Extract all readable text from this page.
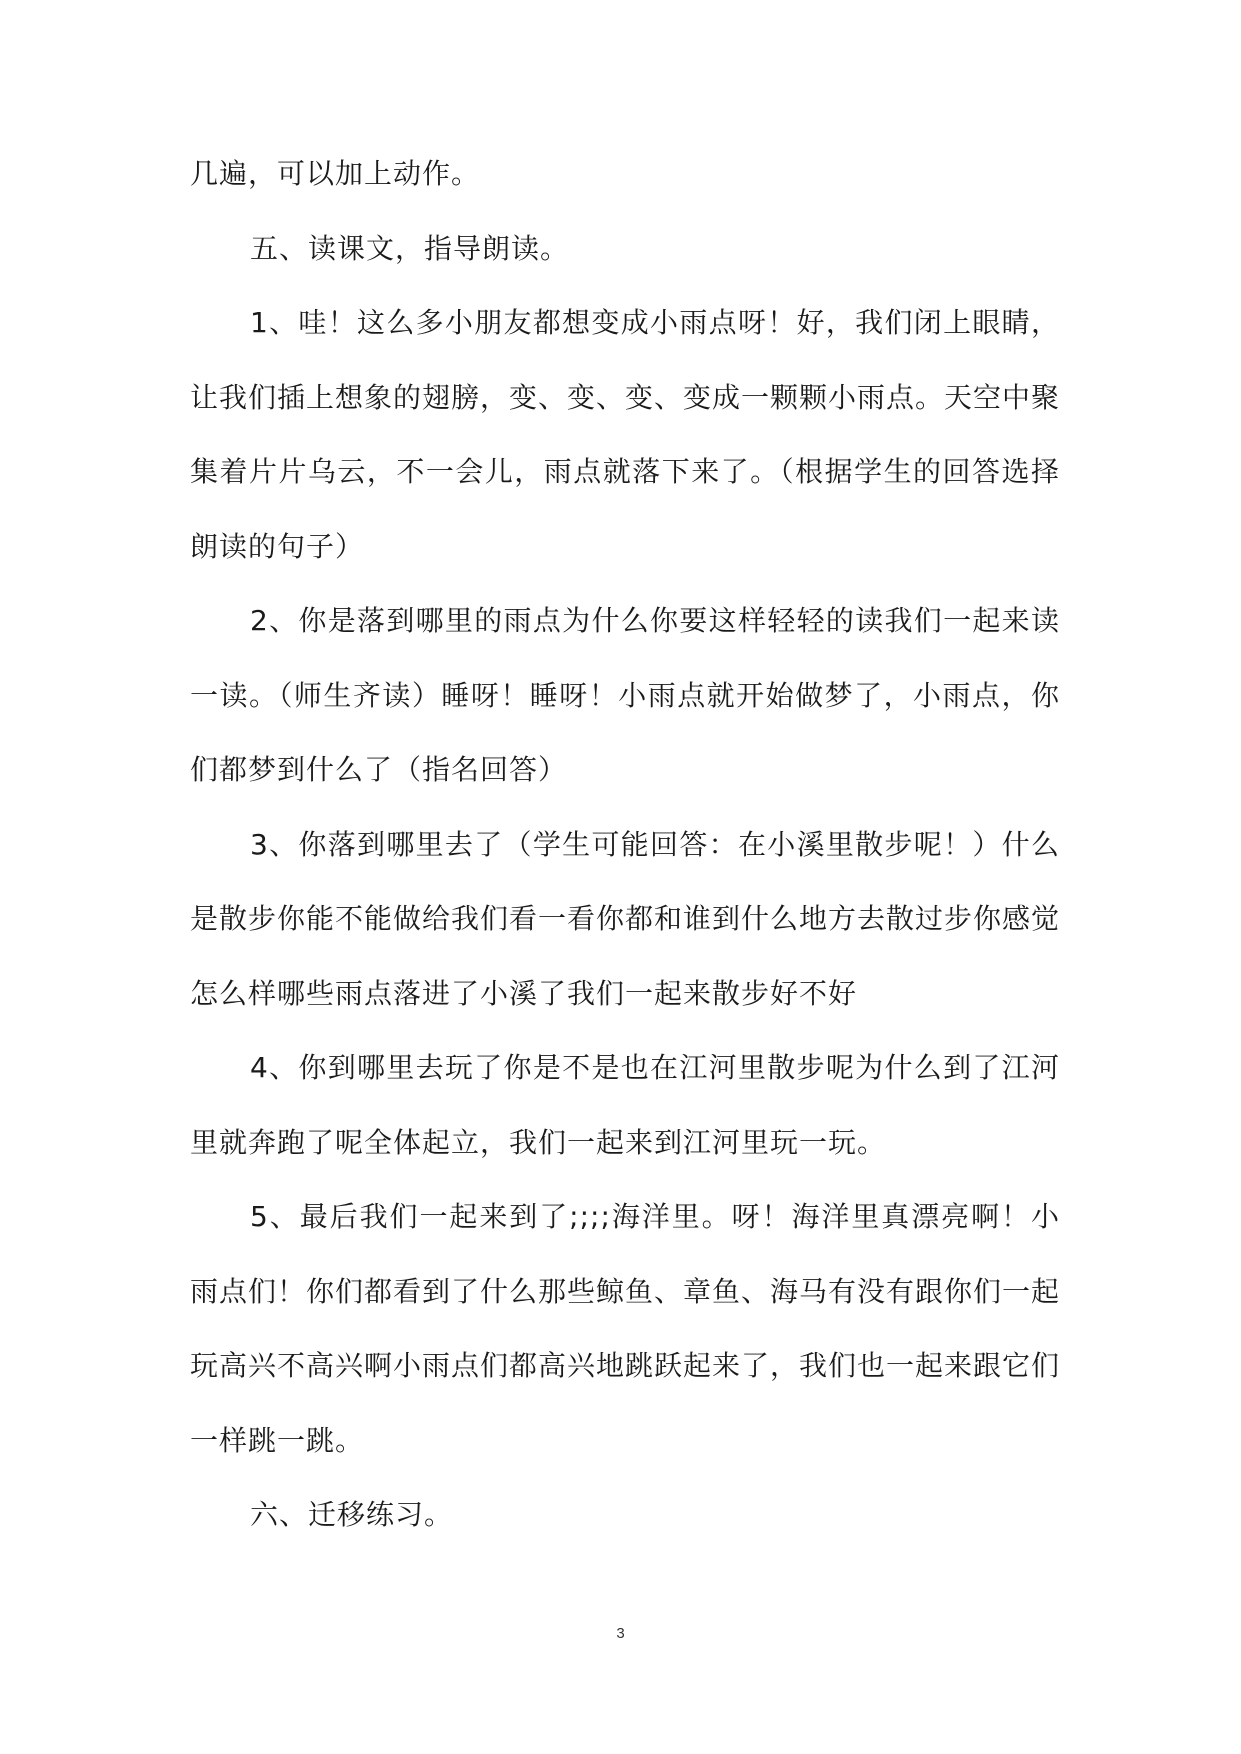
几遍，可以加上动作。

五、读课文，指导朗读。

1、哇！这么多小朋友都想变成小雨点呀！好，我们闭上眼睛，让我们插上想象的翅膀，变、变、变、变成一颗颗小雨点。天空中聚集着片片乌云，不一会儿，雨点就落下来了。（根据学生的回答选择朗读的句子）

2、你是落到哪里的雨点为什么你要这样轻轻的读我们一起来读一读。（师生齐读）睡呀！睡呀！小雨点就开始做梦了，小雨点，你们都梦到什么了（指名回答）

3、你落到哪里去了（学生可能回答：在小溪里散步呢！）什么是散步你能不能做给我们看一看你都和谁到什么地方去散过步你感觉怎么样哪些雨点落进了小溪了我们一起来散步好不好

4、你到哪里去玩了你是不是也在江河里散步呢为什么到了江河里就奔跑了呢全体起立，我们一起来到江河里玩一玩。

5、最后我们一起来到了;;;;海洋里。呀！海洋里真漂亮啊！小雨点们！你们都看到了什么那些鲸鱼、章鱼、海马有没有跟你们一起玩高兴不高兴啊小雨点们都高兴地跳跃起来了，我们也一起来跟它们一样跳一跳。

六、迁移练习。

3
